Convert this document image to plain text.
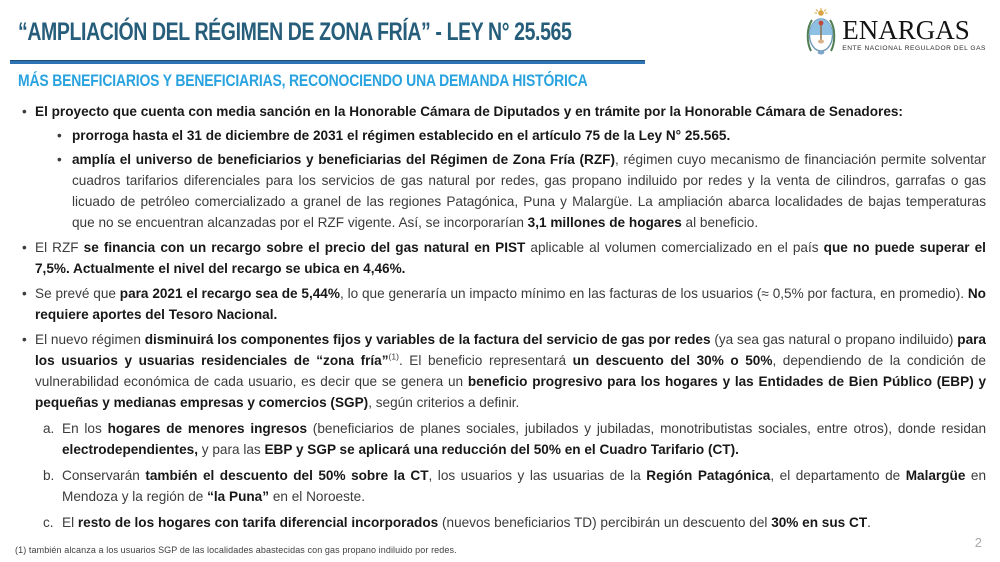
“AMPLIACIÓN DEL RÉGIMEN DE ZONA FRÍA” - LEY N° 25.565
MÁS BENEFICIARIOS Y BENEFICIARIAS, RECONOCIENDO UNA DEMANDA HISTÓRICA
ENARGAS
ENTE NACIONAL REGULADOR DEL GAS
• El proyecto que cuenta con media sanción en la Honorable Cámara de Diputados y en trámite por la Honorable Cámara de Senadores:

• prorroga hasta el 31 de diciembre de 2031 el régimen establecido en el artículo 75 de la Ley N° 25.565.

• amplía el universo de beneficiarios y beneficiarias del Régimen de Zona Fría (RZF), régimen cuyo mecanismo de financiación permite solventar cuadros tarifarios diferenciales para los servicios de gas natural por redes, gas propano indiluido por redes y la venta de cilindros, garrafas o gas licuado de petróleo comercializado a granel de las regiones Patagónica, Puna y Malargüe. La ampliación abarca localidades de bajas temperaturas que no se encuentran alcanzadas por el RZF vigente. Así, se incorporarían 3,1 millones de hogares al beneficio.

• El RZF se financia con un recargo sobre el precio del gas natural en PIST aplicable al volumen comercializado en el país que no puede superar el 7,5%. Actualmente el nivel del recargo se ubica en 4,46%.

• Se prevé que para 2021 el recargo sea de 5,44%, lo que generaría un impacto mínimo en las facturas de los usuarios (≈ 0,5% por factura, en promedio). No requiere aportes del Tesoro Nacional.

• El nuevo régimen disminuirá los componentes fijos y variables de la factura del servicio de gas por redes (ya sea gas natural o propano indiluido) para los usuarios y usuarias residenciales de “zona fría”$^{(1)}$. El beneficio representará un descuento del 30% o 50%, dependiendo de la condición de vulnerabilidad económica de cada usuario, es decir que se genera un beneficio progresivo para los hogares y las Entidades de Bien Público (EBP) y pequeñas y medianas empresas y comercios (SGP), según criterios a definir.

a. En los hogares de menores ingresos (beneficiarios de planes sociales, jubilados y jubiladas, monotributistas sociales, entre otros), donde residan electrodependientes, y para las EBP y SGP se aplicará una reducción del 50% en el Cuadro Tarifario (CT).

b. Conservarán también el descuento del 50% sobre la CT, los usuarios y las usuarias de la Región Patagónica, el departamento de Malargüe en Mendoza y la región de “la Puna” en el Noroeste.

c. El resto de los hogares con tarifa diferencial incorporados (nuevos beneficiarios TD) percibirán un descuento del 30% en sus CT.

(1) también alcanza a los usuarios SGP de las localidades abastecidas con gas propano indiluido por redes.	2
